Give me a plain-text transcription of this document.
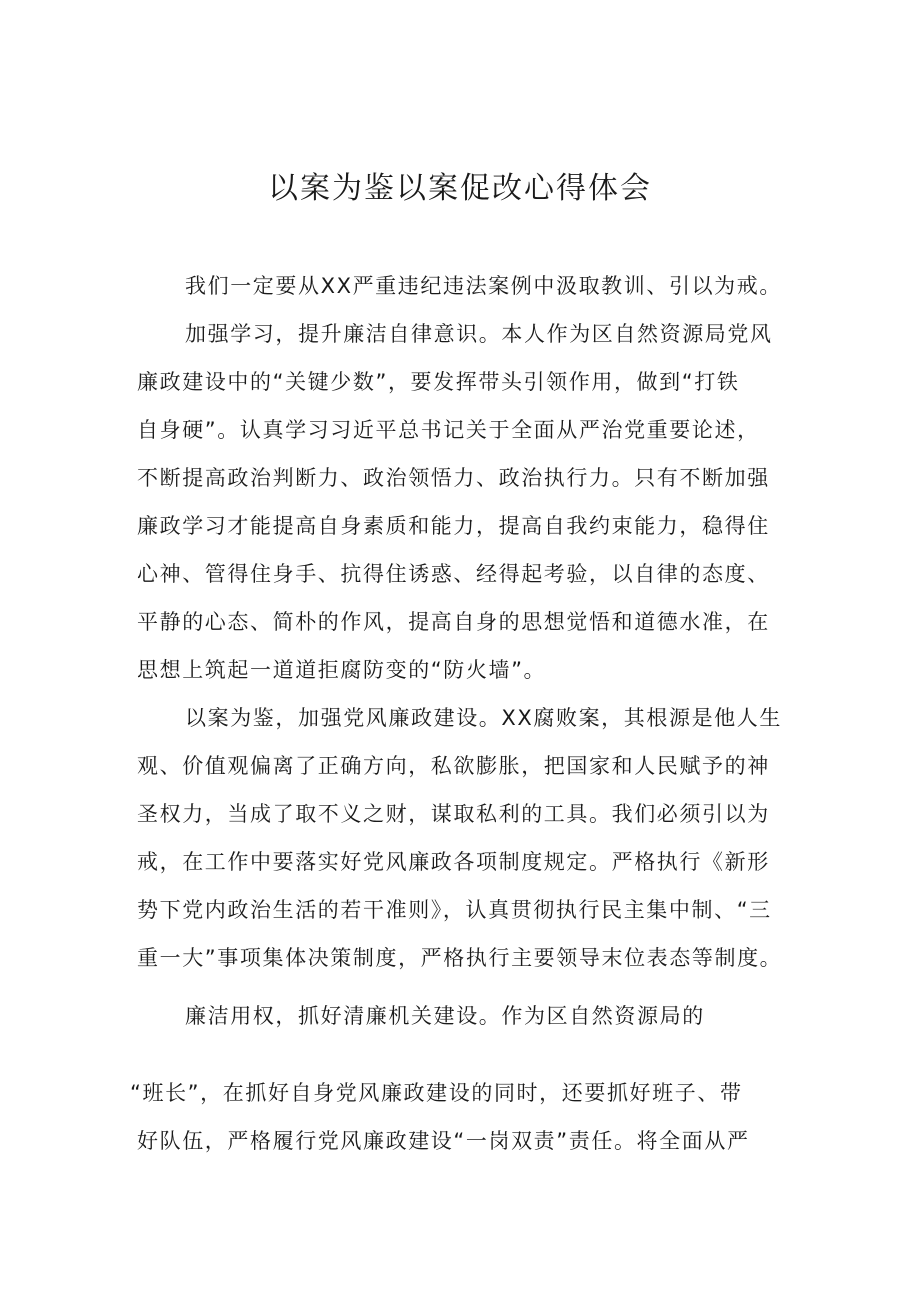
以案为鉴以案促改心得体会

我们一定要从XX严重违纪违法案例中汲取教训、引以为戒。

加强学习，提升廉洁自律意识。本人作为区自然资源局党风

廉政建设中的“关键少数”，要发挥带头引领作用，做到“打铁

自身硬”。认真学习习近平总书记关于全面从严治党重要论述，

不断提高政治判断力、政治领悟力、政治执行力。只有不断加强

廉政学习才能提高自身素质和能力，提高自我约束能力，稳得住

心神、管得住身手、抗得住诱惑、经得起考验，以自律的态度、

平静的心态、简朴的作风，提高自身的思想觉悟和道德水准，在

思想上筑起一道道拒腐防变的“防火墙”。

以案为鉴，加强党风廉政建设。XX腐败案，其根源是他人生

观、价值观偏离了正确方向，私欲膨胀，把国家和人民赋予的神

圣权力，当成了取不义之财，谋取私利的工具。我们必须引以为

戒，在工作中要落实好党风廉政各项制度规定。严格执行《新形

势下党内政治生活的若干准则》，认真贯彻执行民主集中制、“三

重一大”事项集体决策制度，严格执行主要领导末位表态等制度。

廉洁用权，抓好清廉机关建设。作为区自然资源局的

“班长”，在抓好自身党风廉政建设的同时，还要抓好班子、带

好队伍，严格履行党风廉政建设“一岗双责”责任。将全面从严
